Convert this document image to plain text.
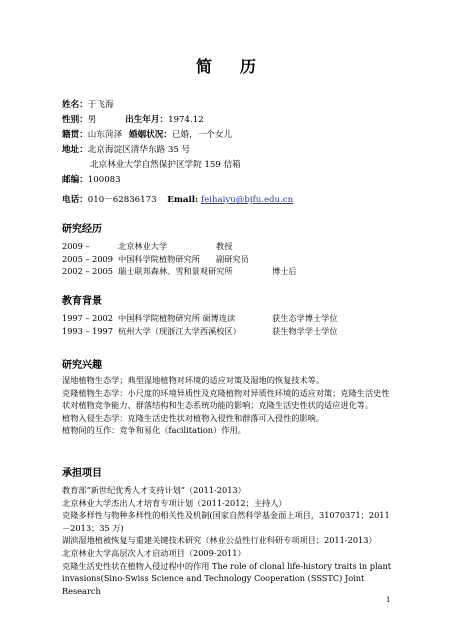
简 历
姓名：于飞海
性别：男	出生年月：1974.12
籍贯：山东菏泽 婚姻状况：已婚，一个女儿
地址：北京海淀区清华东路 35 号
北京林业大学自然保护区学院 159 信箱
邮编：100083
电话：010－62836173 Email: feihaiyu@bjfu.edu.cn
研究经历
2009 –	北京林业大学	教授
2005 – 2009 中国科学院植物研究所 副研究员
2002 – 2005 瑞士联邦森林、雪和景观研究所	博士后
教育背景
1997 – 2002 中国科学院植物研究所 硕博连读	获生态学博士学位
1993 – 1997 杭州大学（现浙江大学西溪校区）	获生物学学士学位
研究兴趣
湿地植物生态学；典型湿地植物对环境的适应对策及湿地的恢复技术等。
克隆植物生态学：小尺度的环境异质性及克隆植物对异质性环境的适应对策；克隆生活史性状对植物竞争能力、群落结构和生态系统功能的影响；克隆生活史性状的适应进化等。
植物入侵生态学：克隆生活史性状对植物入侵性和群落可入侵性的影响。
植物间的互作：竞争和易化（facilitation）作用。
承担项目
教育部“新世纪优秀人才支持计划”（2011-2013）
北京林业大学杰出人才培育专项计划（2011-2012；主持人）
克隆多样性与物种多样性的相关性及机制(国家自然科学基金面上项目，31070371；2011－2013；35 万)
湖滨湿地植被恢复与重建关键技术研究（林业公益性行业科研专项项目；2011-2013）
北京林业大学高层次人才启动项目（2009-2011）
克隆生活史性状在植物入侵过程中的作用 The role of clonal life-history traits in plant invasions(Sino-Swiss Science and Technology Cooperation (SSSTC) Joint Research
1
